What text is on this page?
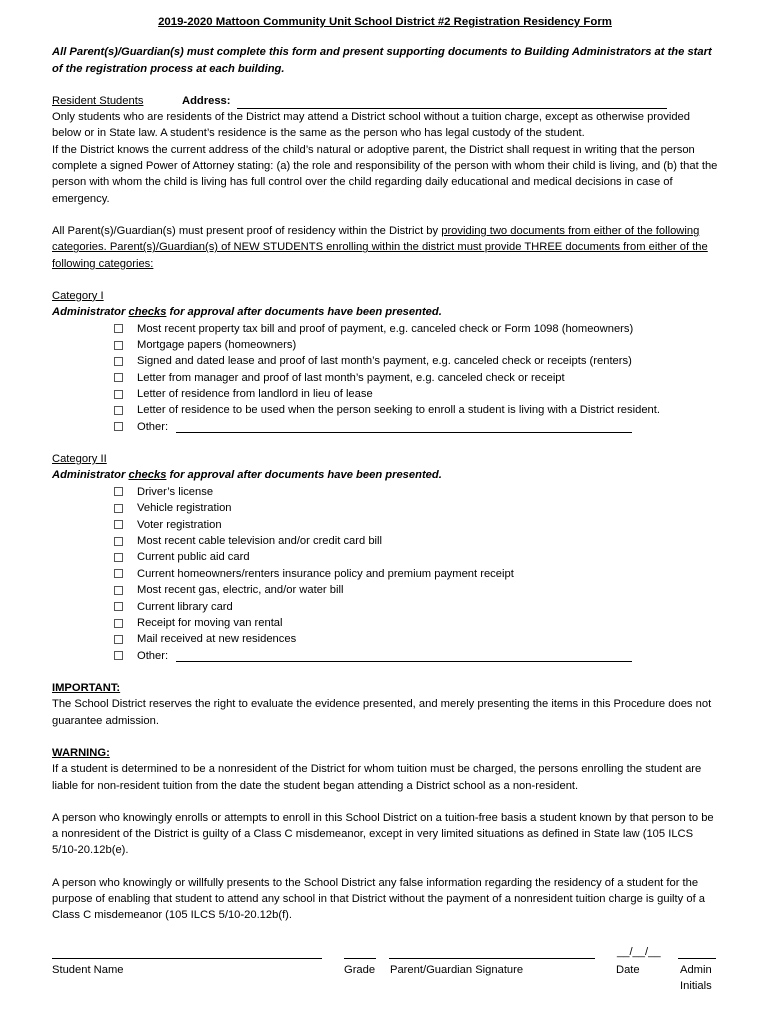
2019-2020 Mattoon Community Unit School District #2 Registration Residency Form

All Parent(s)/Guardian(s) must complete this form and present supporting documents to Building Administrators at the start of the registration process at each building.

Resident Students	Address:

Only students who are residents of the District may attend a District school without a tuition charge, except as otherwise provided below or in State law. A student’s residence is the same as the person who has legal custody of the student.

If the District knows the current address of the child’s natural or adoptive parent, the District shall request in writing that the person complete a signed Power of Attorney stating: (a) the role and responsibility of the person with whom their child is living, and (b) that the person with whom the child is living has full control over the child regarding daily educational and medical decisions in case of emergency.

All Parent(s)/Guardian(s) must present proof of residency within the District by providing two documents from either of the following categories. Parent(s)/Guardian(s) of NEW STUDENTS enrolling within the district must provide THREE documents from either of the following categories:

Category I

Administrator checks for approval after documents have been presented.

Most recent property tax bill and proof of payment, e.g. canceled check or Form 1098 (homeowners)
Mortgage papers (homeowners)
Signed and dated lease and proof of last month’s payment, e.g. canceled check or receipts (renters)
Letter from manager and proof of last month’s payment, e.g. canceled check or receipt
Letter of residence from landlord in lieu of lease
Letter of residence to be used when the person seeking to enroll a student is living with a District resident.
Other:

Category II

Administrator checks for approval after documents have been presented.

Driver’s license
Vehicle registration
Voter registration
Most recent cable television and/or credit card bill
Current public aid card
Current homeowners/renters insurance policy and premium payment receipt
Most recent gas, electric, and/or water bill
Current library card
Receipt for moving van rental
Mail received at new residences
Other:

IMPORTANT:

The School District reserves the right to evaluate the evidence presented, and merely presenting the items in this Procedure does not guarantee admission.

WARNING:

If a student is determined to be a nonresident of the District for whom tuition must be charged, the persons enrolling the student are liable for non-resident tuition from the date the student began attending a District school as a non-resident.

A person who knowingly enrolls or attempts to enroll in this School District on a tuition-free basis a student known by that person to be a nonresident of the District is guilty of a Class C misdemeanor, except in very limited situations as defined in State law (105 ILCS 5/10-20.12b(e).

A person who knowingly or willfully presents to the School District any false information regarding the residency of a student for the purpose of enabling that student to attend any school in that District without the payment of a nonresident tuition charge is guilty of a Class C misdemeanor (105 ILCS 5/10-20.12b(f).

Student Name	Grade Parent/Guardian Signature
__/__/__
Date	Admin
Initials
